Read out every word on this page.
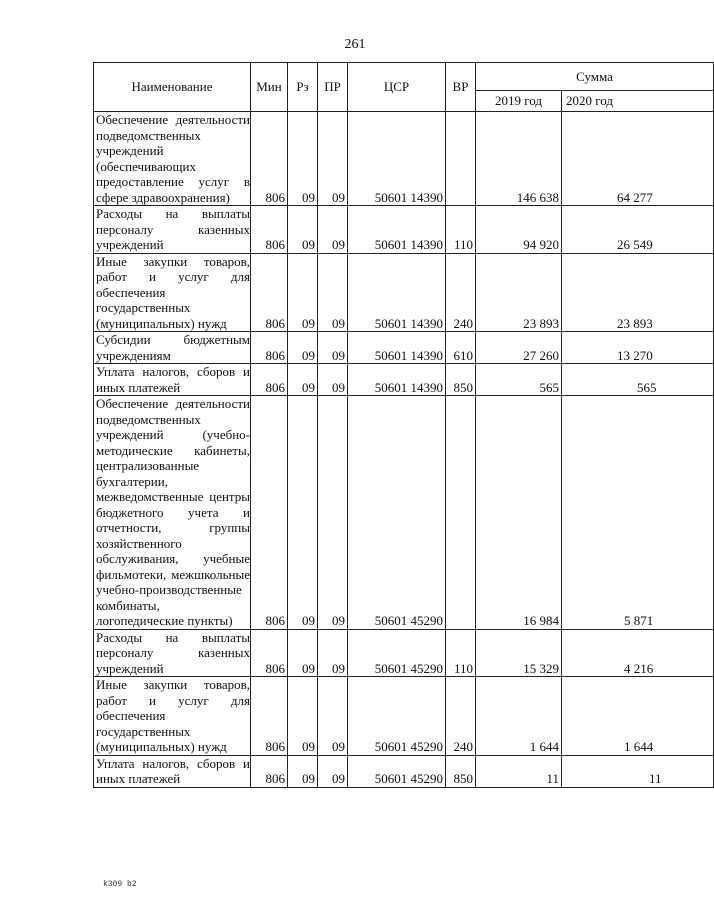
261
Наименование	Мин	Рз	ПР	ЦСР	ВР	Сумма	
						2019 год	2020 год
Обеспечение деятельности подведомственных учреждений (обеспечивающих предоставление услуг в сфере здравоохранения)	806	09	09	50601 14390		146 638	64 277
Расходы на выплаты персоналу казенных учреждений	806	09	09	50601 14390	110	94 920	26 549
Иные закупки товаров, работ и услуг для обеспечения государственных (муниципальных) нужд	806	09	09	50601 14390	240	23 893	23 893
Субсидии бюджетным учреждениям	806	09	09	50601 14390	610	27 260	13 270
Уплата налогов, сборов и иных платежей	806	09	09	50601 14390	850	565	565
Обеспечение деятельности подведомственных учреждений (учебно-методические кабинеты, централизованные бухгалтерии, межведомственные центры бюджетного учета и отчетности, группы хозяйственного обслуживания, учебные фильмотеки, межшкольные учебно-производственные комбинаты, логопедические пункты)	806	09	09	50601 45290		16 984	5 871
Расходы на выплаты персоналу казенных учреждений	806	09	09	50601 45290	110	15 329	4 216
Иные закупки товаров, работ и услуг для обеспечения государственных (муниципальных) нужд	806	09	09	50601 45290	240	1 644	1 644
Уплата налогов, сборов и иных платежей	806	09	09	50601 45290	850	11	11
k309 b2
